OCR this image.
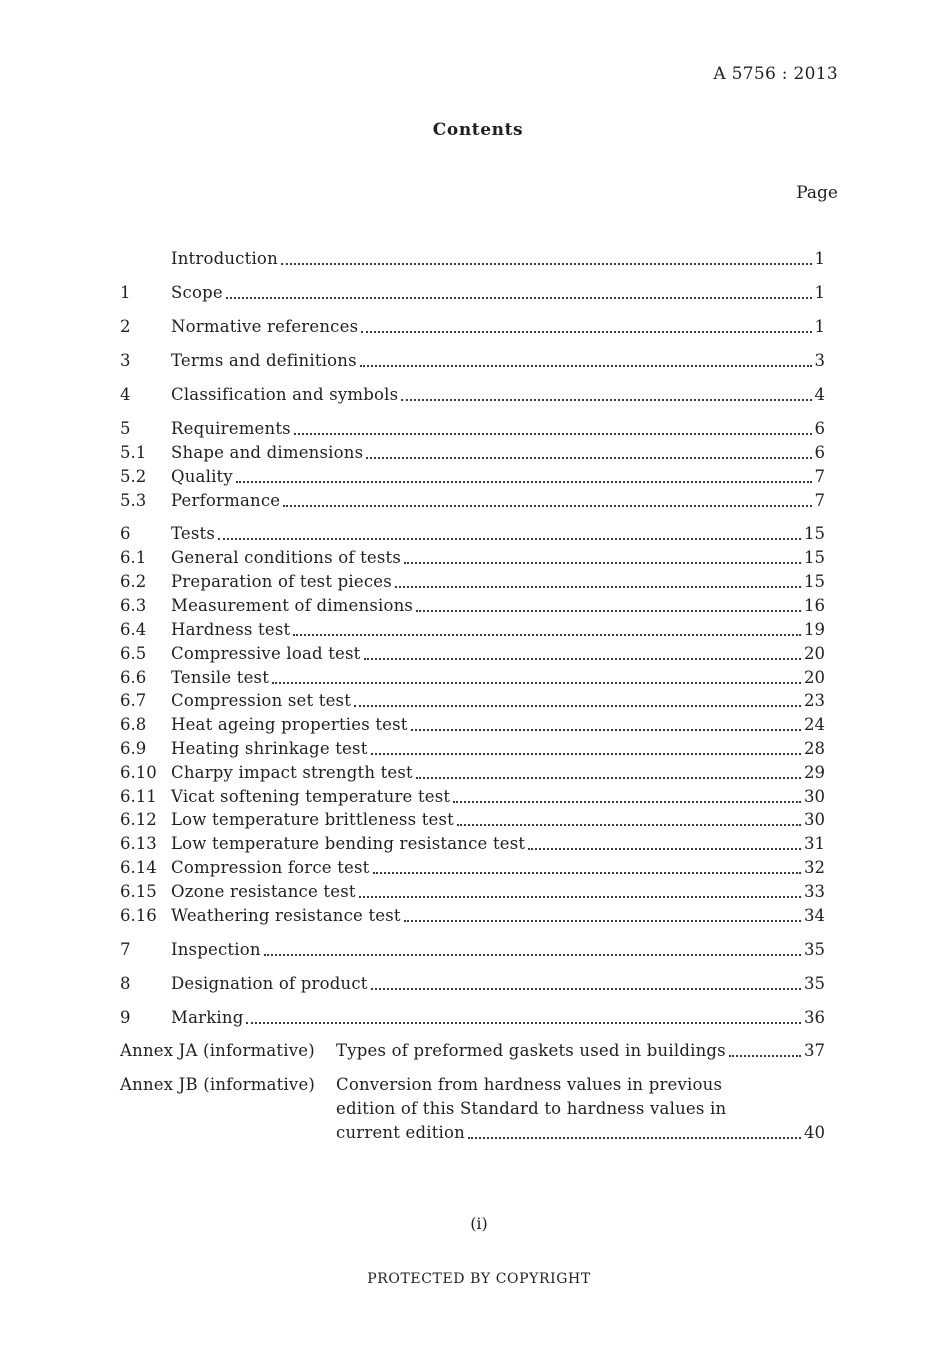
A 5756 : 2013
Contents
Page
Introduction	1
1	Scope	1
2	Normative references	1
3	Terms and definitions	3
4	Classification and symbols	4
5	Requirements	6
5.1	Shape and dimensions	6
5.2	Quality	7
5.3	Performance	7
6	Tests	15
6.1	General conditions of tests	15
6.2	Preparation of test pieces	15
6.3	Measurement of dimensions	16
6.4	Hardness test	19
6.5	Compressive load test	20
6.6	Tensile test	20
6.7	Compression set test	23
6.8	Heat ageing properties test	24
6.9	Heating shrinkage test	28
6.10 Charpy impact strength test	29
6.11 Vicat softening temperature test	30
6.12 Low temperature brittleness test	30
6.13 Low temperature bending resistance test	31
6.14 Compression force test	32
6.15 Ozone resistance test	33
6.16 Weathering resistance test	34
7	Inspection	35
8	Designation of product	35
9	Marking	36
Annex JA (informative) Types of preformed gaskets used in buildings	37
Annex JB (informative) Conversion from hardness values in previous
edition of this Standard to hardness values in
current edition	40
(i)
PROTECTED BY COPYRIGHT
